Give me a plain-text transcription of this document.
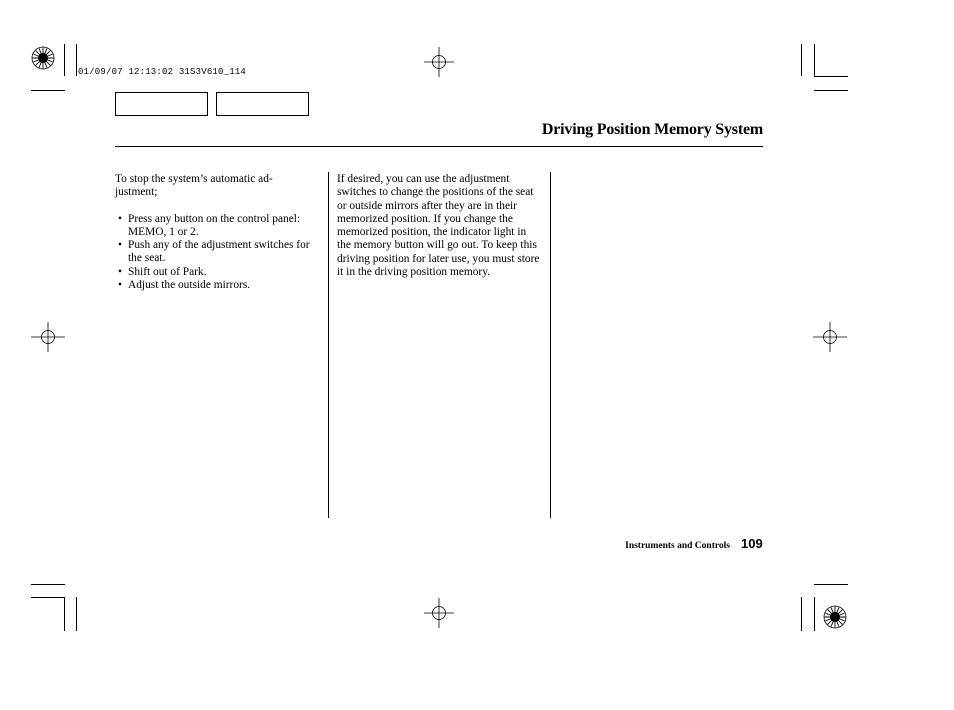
01/09/07 12:13:02 31S3V610_114
Driving Position Memory System

To stop the system’s automatic ad-justment;

• Press any button on the control panel: MEMO, 1 or 2.
• Push any of the adjustment switches for the seat.
• Shift out of Park.
• Adjust the outside mirrors.

If desired, you can use the adjustment switches to change the positions of the seat or outside mirrors after they are in their memorized position. If you change the memorized position, the indicator light in the memory button will go out. To keep this driving position for later use, you must store it in the driving position memory.

Instruments and Controls 109
